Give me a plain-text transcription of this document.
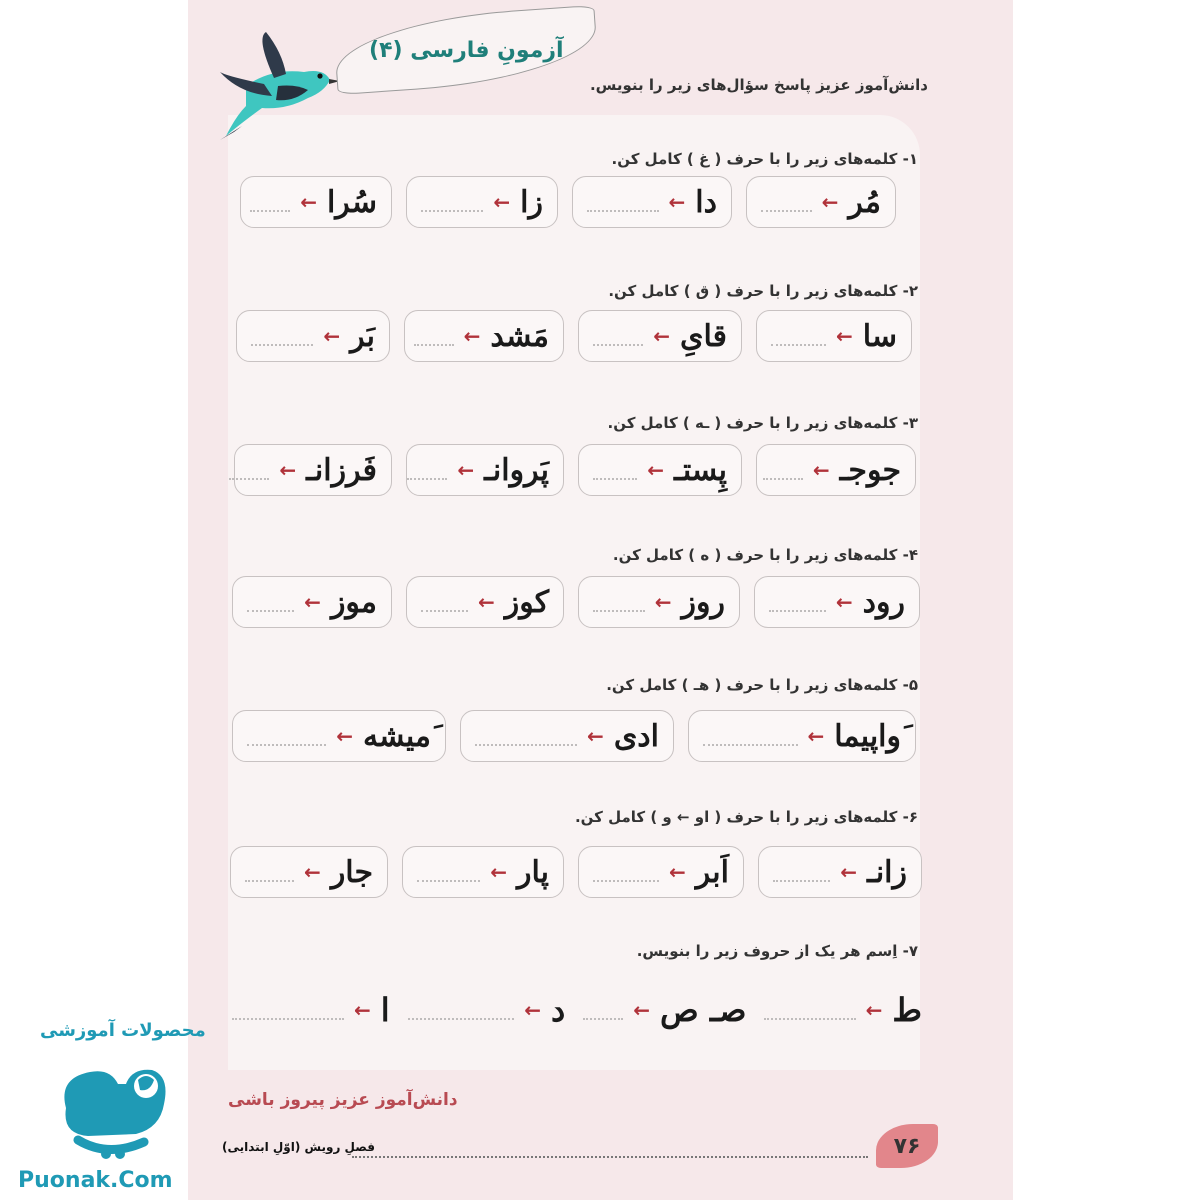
آزمونِ فارسی (۴)
دانش‌آموز عزیز پاسخ سؤال‌های زیر را بنویس.
۱- کلمه‌های زیر را با حرف ( غ ) کامل کن.
مُر
←
دا
←
زا
←
سُرا
←
۲- کلمه‌های زیر را با حرف ( ق ) کامل کن.
سا
←
قایِ
←
مَشد
←
بَر
←
۳- کلمه‌های زیر را با حرف ( ـه ) کامل کن.
جوجـ
←
پِستـ
←
پَروانـ
←
فَرزانـ
←
۴- کلمه‌های زیر را با حرف ( ه ) کامل کن.
رود
←
روز
←
کوز
←
موز
←
۵- کلمه‌های زیر را با حرف ( هـ ) کامل کن.
َواپیما
←
ادی
←
َمیشه
←
۶- کلمه‌های زیر را با حرف ( او ← و ) کامل کن.
زانـ
←
اَبر
←
پار
←
جار
←
۷- اِسم هر یک از حروف زیر را بنویس.
ط
←
صـ ص
←
د
←
ا
←
دانش‌آموز عزیز پیروز باشی
۷۶
فصلِ رویش (اوّلِ ابتدایی)
محصولات آموزشی
Puonak.Com
